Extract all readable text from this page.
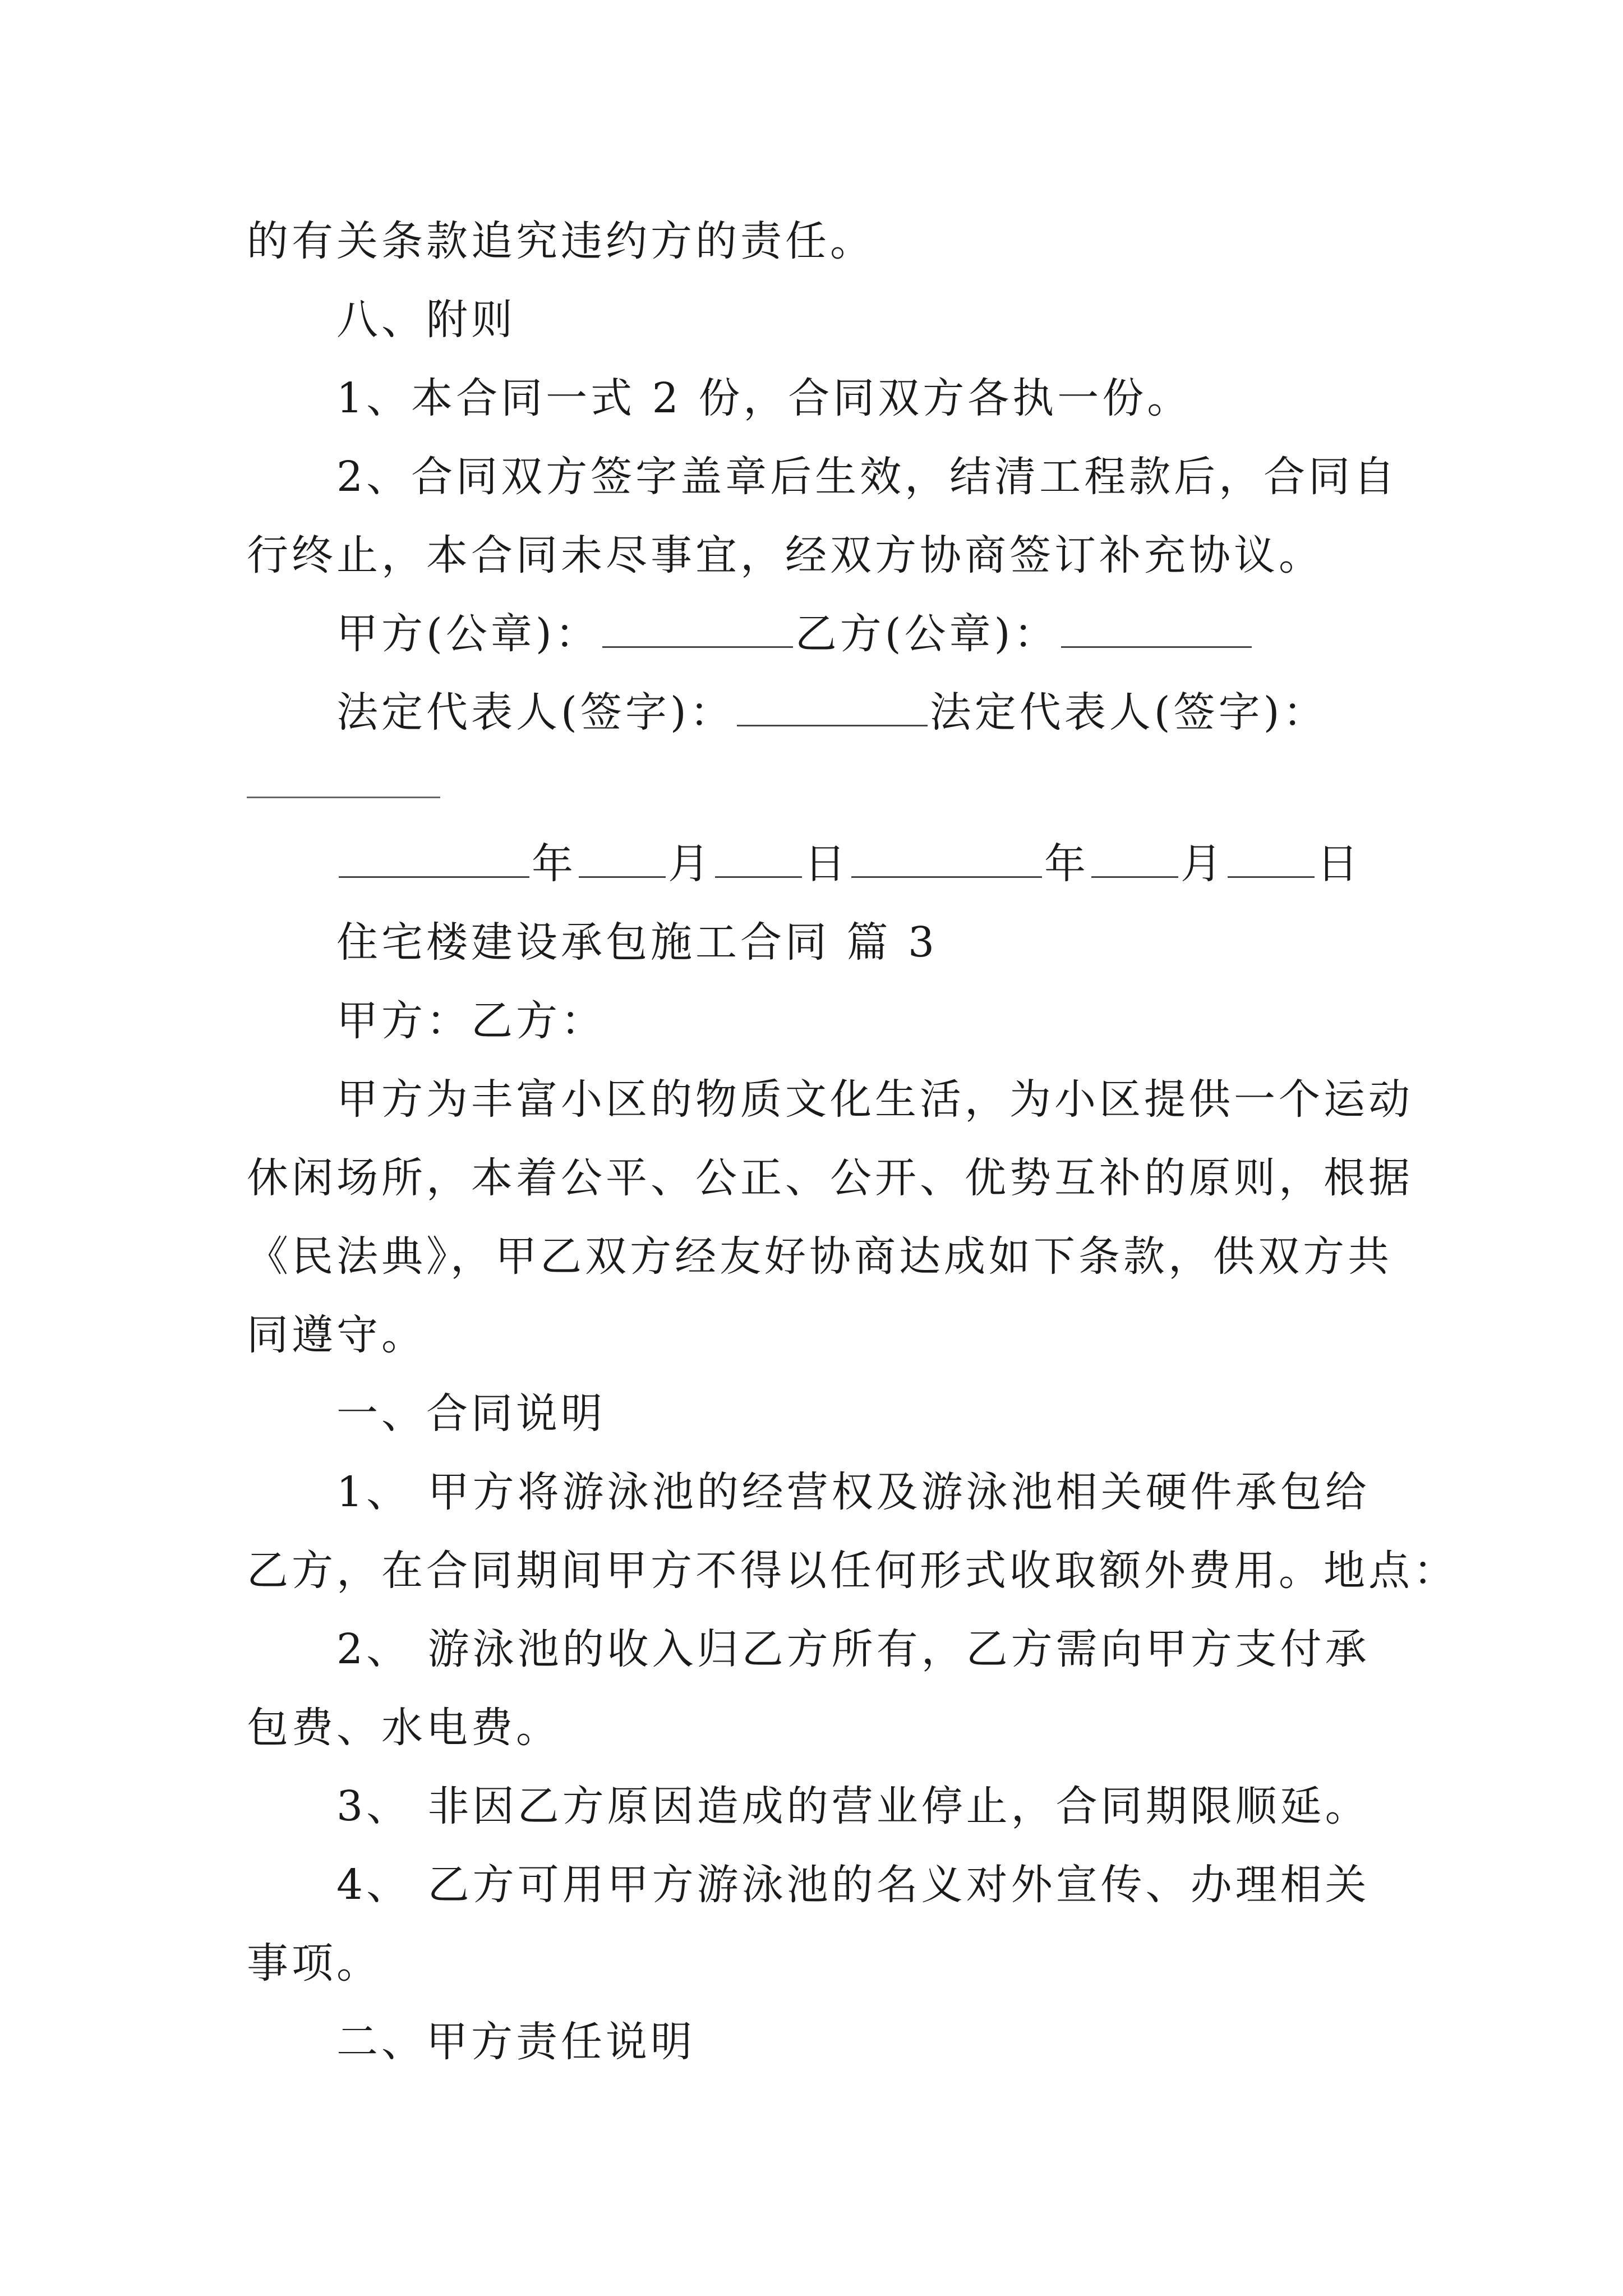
的有关条款追究违约方的责任。
八、附则
1、本合同一式 2 份，合同双方各执一份。
2、合同双方签字盖章后生效，结清工程款后，合同自
行终止，本合同未尽事宜，经双方协商签订补充协议。
甲方(公章)：	乙方(公章)：
法定代表人(签字)：	法定代表人(签字)：
年 月 日	年 月 日
住宅楼建设承包施工合同 篇 3
甲方：乙方：
甲方为丰富小区的物质文化生活，为小区提供一个运动
休闲场所，本着公平、公正、公开、优势互补的原则，根据
《民法典》，甲乙双方经友好协商达成如下条款，供双方共
同遵守。
一、合同说明
1、 甲方将游泳池的经营权及游泳池相关硬件承包给
乙方，在合同期间甲方不得以任何形式收取额外费用。地点：
2、 游泳池的收入归乙方所有，乙方需向甲方支付承
包费、水电费。
3、 非因乙方原因造成的营业停止，合同期限顺延。
4、 乙方可用甲方游泳池的名义对外宣传、办理相关
事项。
二、甲方责任说明
